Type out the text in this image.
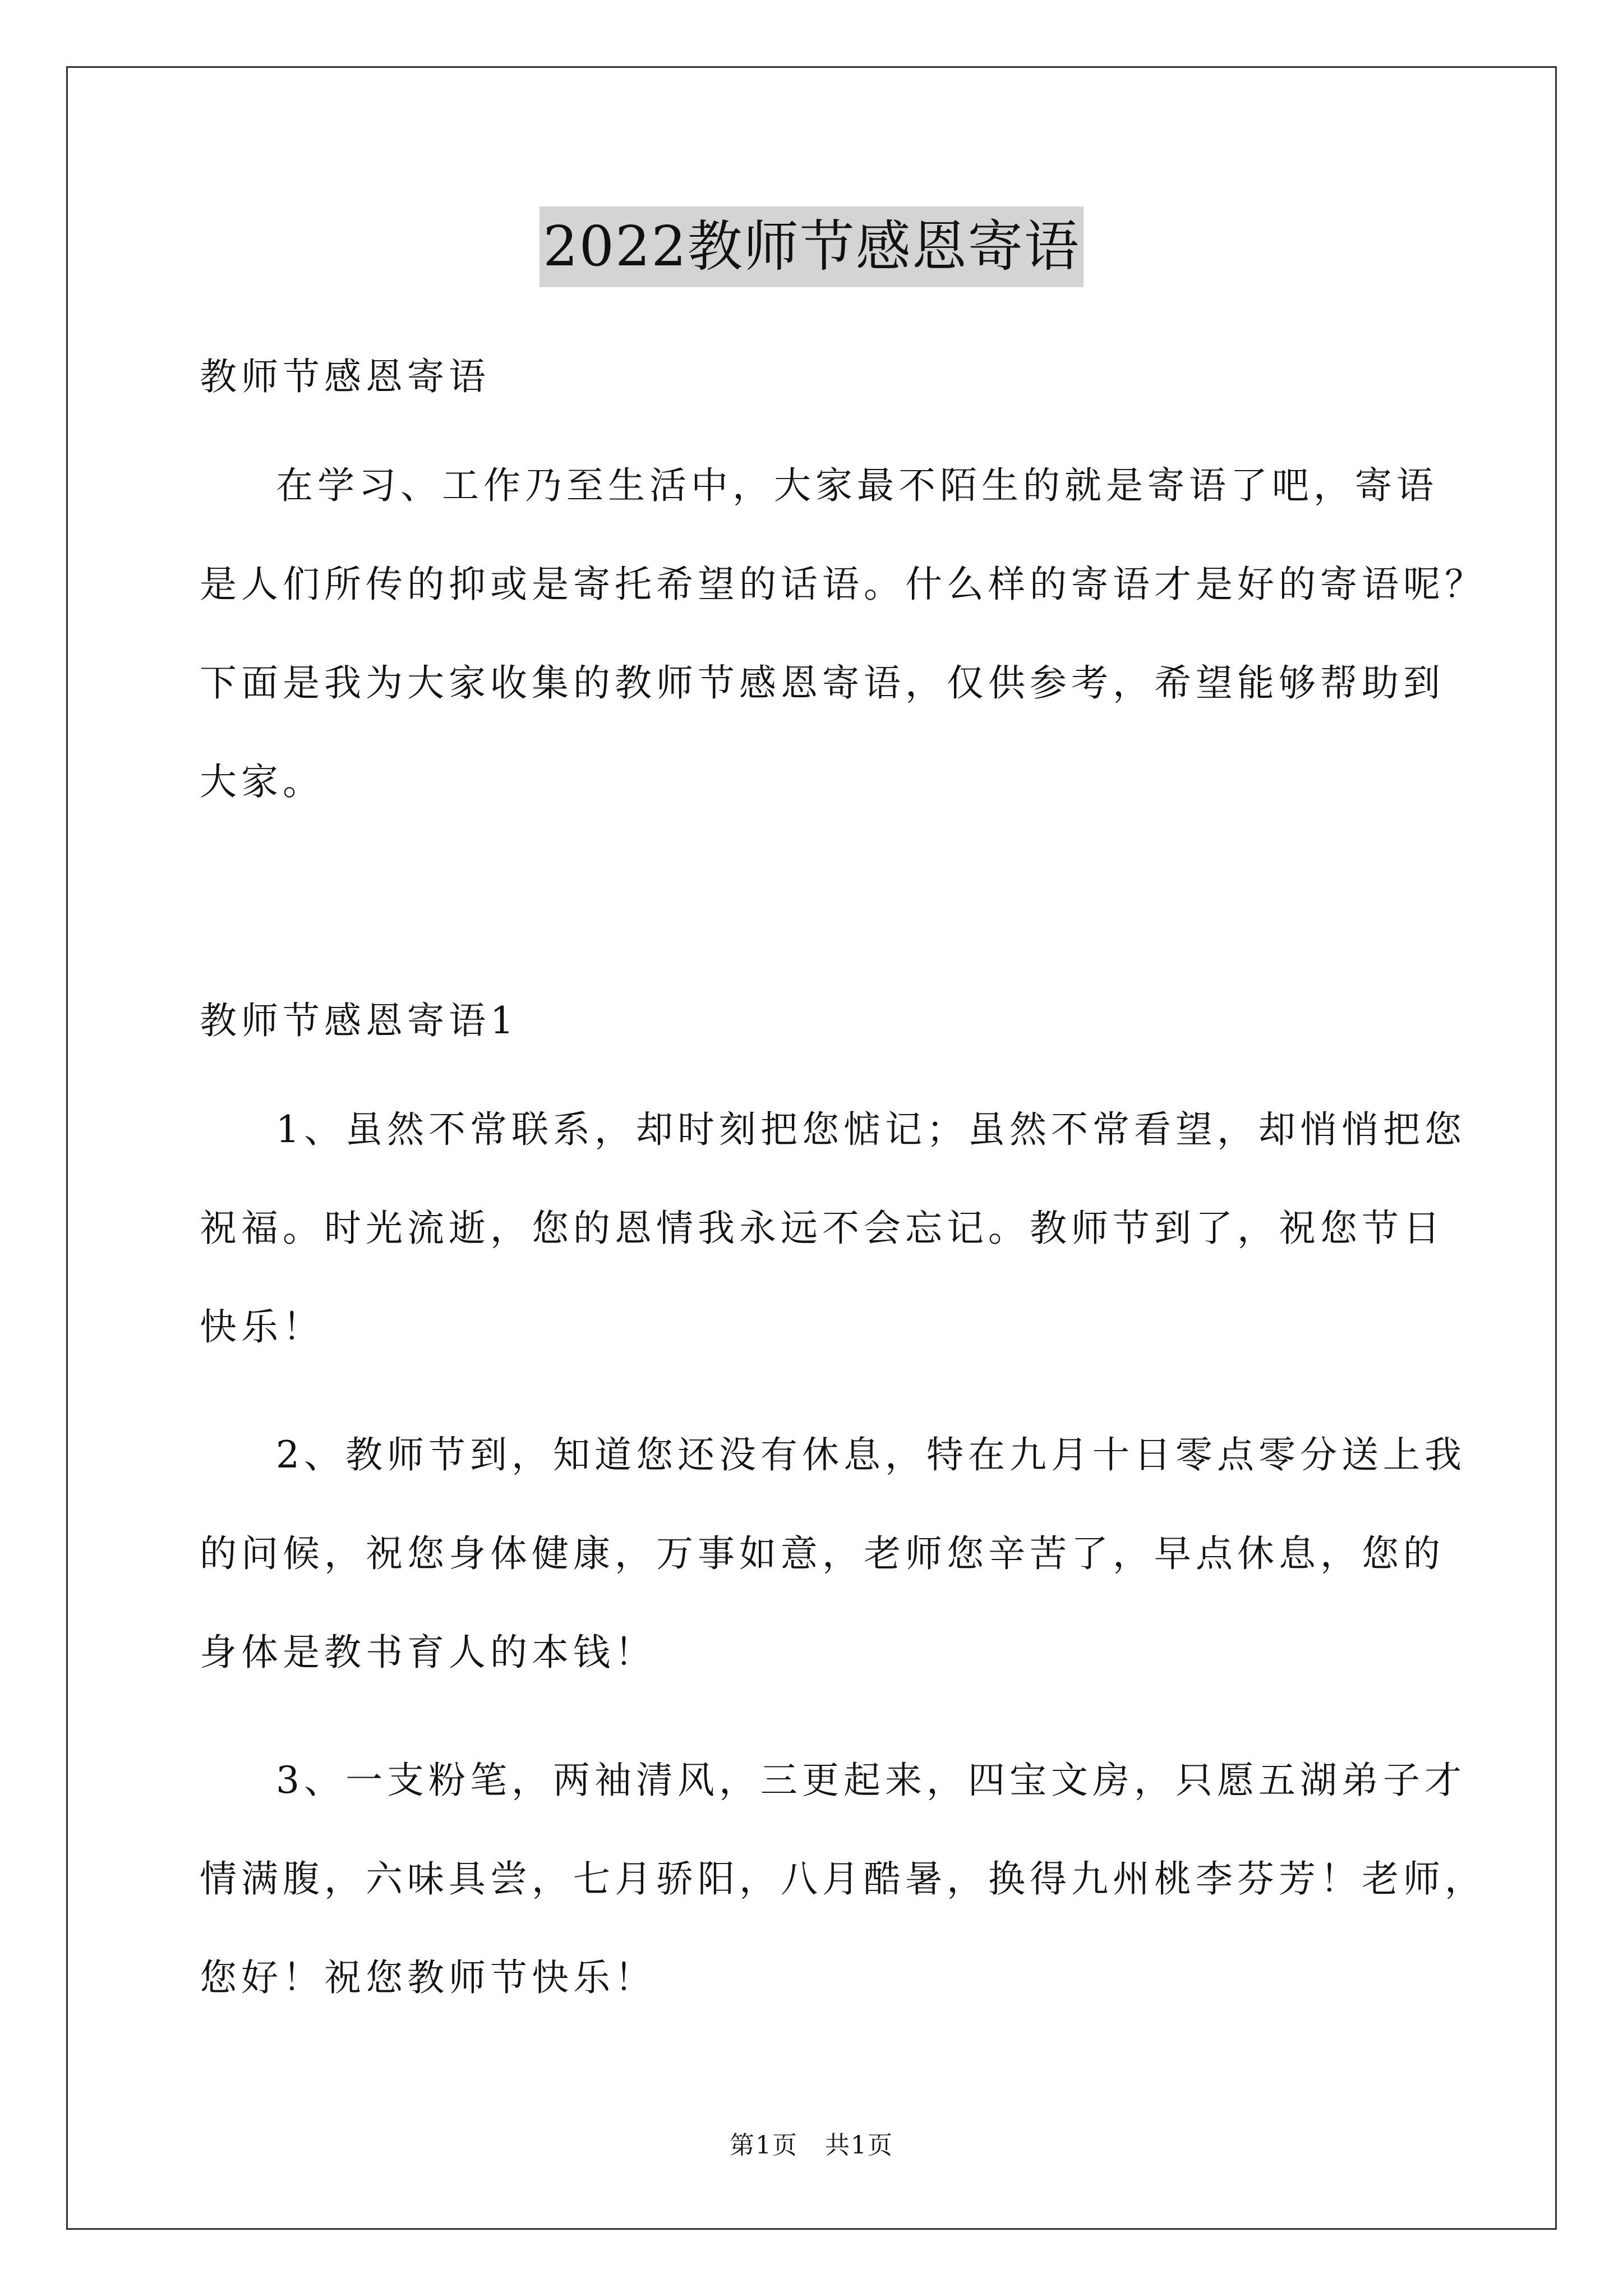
2022教师节感恩寄语
教师节感恩寄语
在学习、工作乃至生活中，大家最不陌生的就是寄语了吧，寄语
是人们所传的抑或是寄托希望的话语。什么样的寄语才是好的寄语呢？
下面是我为大家收集的教师节感恩寄语，仅供参考，希望能够帮助到
大家。
教师节感恩寄语1
1、虽然不常联系，却时刻把您惦记；虽然不常看望，却悄悄把您
祝福。时光流逝，您的恩情我永远不会忘记。教师节到了，祝您节日
快乐！
2、教师节到，知道您还没有休息，特在九月十日零点零分送上我
的问候，祝您身体健康，万事如意，老师您辛苦了，早点休息，您的
身体是教书育人的本钱！
3、一支粉笔，两袖清风，三更起来，四宝文房，只愿五湖弟子才
情满腹，六味具尝，七月骄阳，八月酷暑，换得九州桃李芬芳！老师，
您好！祝您教师节快乐！
第1页   共1页
